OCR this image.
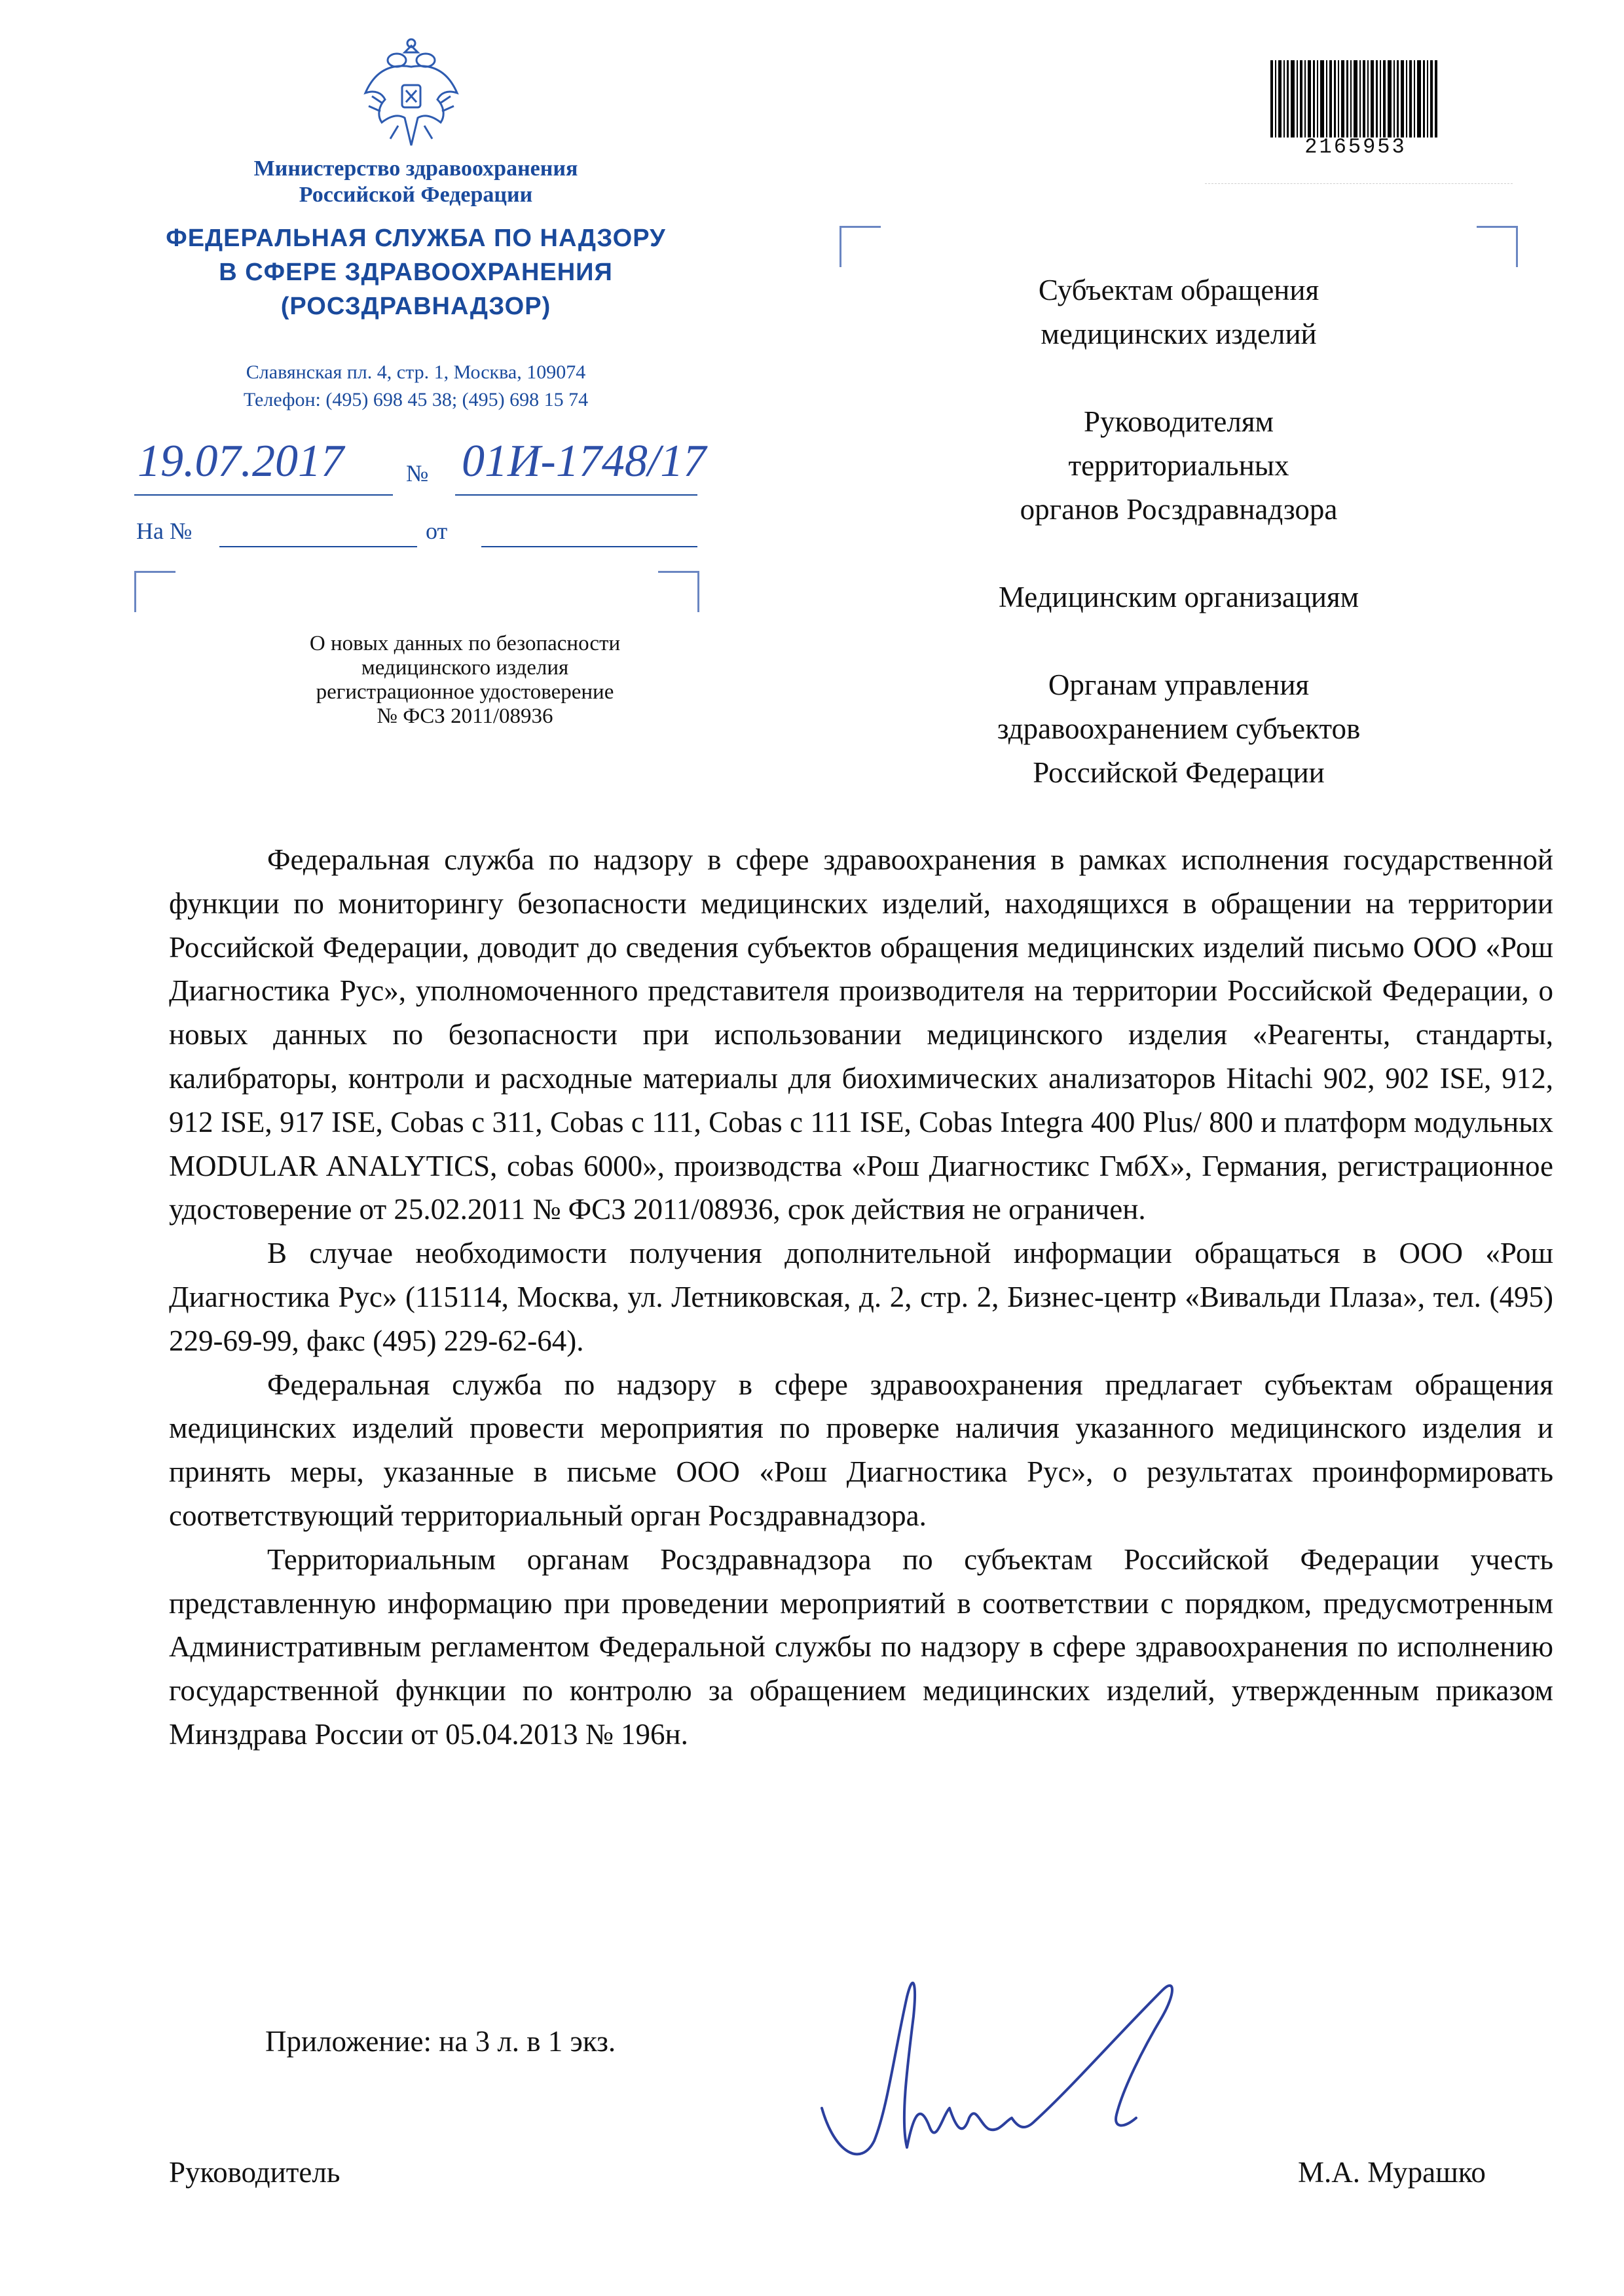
Министерство здравоохранения
Российской Федерации
ФЕДЕРАЛЬНАЯ СЛУЖБА ПО НАДЗОРУ
В СФЕРЕ ЗДРАВООХРАНЕНИЯ
(РОСЗДРАВНАДЗОР)
Славянская пл. 4, стр. 1, Москва, 109074
Телефон: (495) 698 45 38; (495) 698 15 74
19.07.2017	№ 01И-1748/17
На №	от
О новых данных по безопасности
медицинского изделия
регистрационное удостоверение
№ ФСЗ 2011/08936
2165953
Субъектам обращения
медицинских изделий
Руководителям
территориальных
органов Росздравнадзора
Медицинским организациям
Органам управления
здравоохранением субъектов
Российской Федерации

Федеральная служба по надзору в сфере здравоохранения в рамках исполнения государственной функции по мониторингу безопасности медицинских изделий, находящихся в обращении на территории Российской Федерации, доводит до сведения субъектов обращения медицинских изделий письмо ООО «Рош Диагностика Рус», уполномоченного представителя производителя на территории Российской Федерации, о новых данных по безопасности при использовании медицинского изделия «Реагенты, стандарты, калибраторы, контроли и расходные материалы для биохимических анализаторов Hitachi 902, 902 ISE, 912, 912 ISE, 917 ISE, Cobas c 311, Cobas c 111, Cobas c 111 ISE, Cobas Integra 400 Plus/ 800 и платформ модульных MODULAR ANALYTICS, cobas 6000», производства «Рош Диагностикс ГмбХ», Германия, регистрационное удостоверение от 25.02.2011 № ФСЗ 2011/08936, срок действия не ограничен.

В случае необходимости получения дополнительной информации обращаться в ООО «Рош Диагностика Рус» (115114, Москва, ул. Летниковская, д. 2, стр. 2, Бизнес-центр «Вивальди Плаза», тел. (495) 229-69-99, факс (495) 229-62-64).

Федеральная служба по надзору в сфере здравоохранения предлагает субъектам обращения медицинских изделий провести мероприятия по проверке наличия указанного медицинского изделия и принять меры, указанные в письме ООО «Рош Диагностика Рус», о результатах проинформировать соответствующий территориальный орган Росздравнадзора.

Территориальным органам Росздравнадзора по субъектам Российской Федерации учесть представленную информацию при проведении мероприятий в соответствии с порядком, предусмотренным Административным регламентом Федеральной службы по надзору в сфере здравоохранения по исполнению государственной функции по контролю за обращением медицинских изделий, утвержденным приказом Минздрава России от 05.04.2013 № 196н.

Приложение: на 3 л. в 1 экз.
Руководитель	М.А. Мурашко
